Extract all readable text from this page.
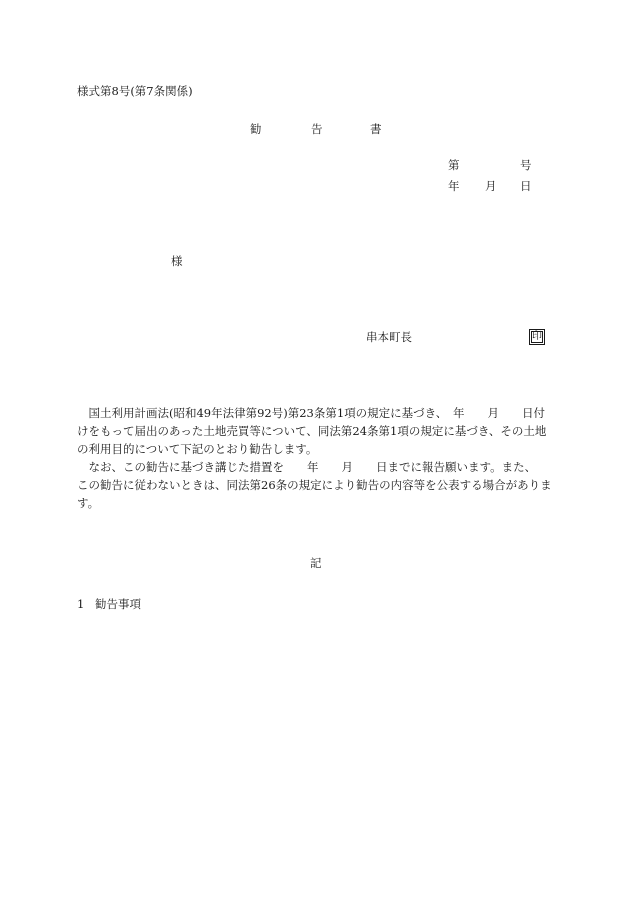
様式第8号(第7条関係)
勧	告	書
第	号
年 月 日
様
串本町長	印

　国土利用計画法(昭和49年法律第92号)第23条第1項の規定に基づき、　年　　月　　日付

けをもって届出のあった土地売買等について、同法第24条第1項の規定に基づき、その土地

の利用目的について下記のとおり勧告します。

　なお、この勧告に基づき講じた措置を　　年　　月　　日までに報告願います。また、

この勧告に従わないときは、同法第26条の規定により勧告の内容等を公表する場合がありま

す。

記
1 勧告事項
